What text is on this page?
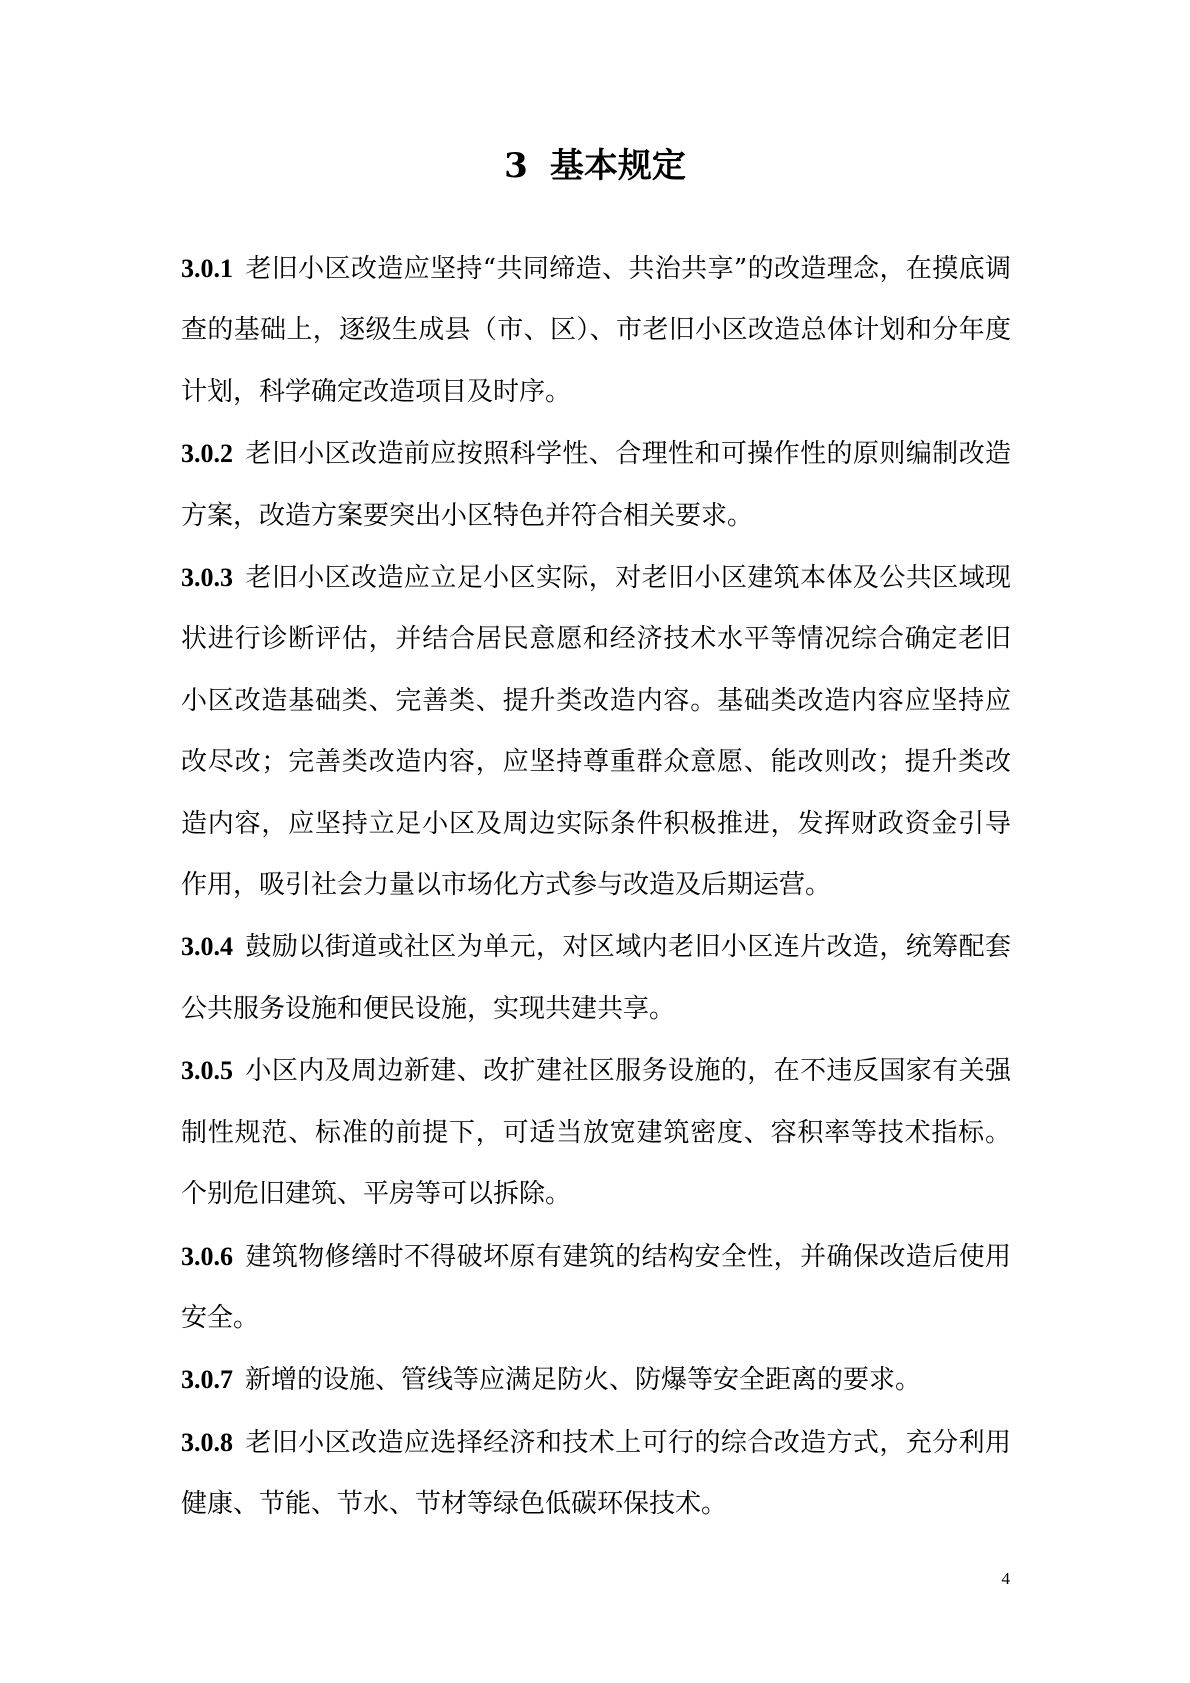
3 基本规定

3.0.1 老旧小区改造应坚持“共同缔造、共治共享”的改造理念，在摸底调查的基础上，逐级生成县（市、区）、市老旧小区改造总体计划和分年度计划，科学确定改造项目及时序。

3.0.2 老旧小区改造前应按照科学性、合理性和可操作性的原则编制改造方案，改造方案要突出小区特色并符合相关要求。

3.0.3 老旧小区改造应立足小区实际，对老旧小区建筑本体及公共区域现状进行诊断评估，并结合居民意愿和经济技术水平等情况综合确定老旧小区改造基础类、完善类、提升类改造内容。基础类改造内容应坚持应改尽改；完善类改造内容，应坚持尊重群众意愿、能改则改；提升类改造内容，应坚持立足小区及周边实际条件积极推进，发挥财政资金引导作用，吸引社会力量以市场化方式参与改造及后期运营。

3.0.4 鼓励以街道或社区为单元，对区域内老旧小区连片改造，统筹配套公共服务设施和便民设施，实现共建共享。

3.0.5 小区内及周边新建、改扩建社区服务设施的，在不违反国家有关强制性规范、标准的前提下，可适当放宽建筑密度、容积率等技术指标。个别危旧建筑、平房等可以拆除。

3.0.6 建筑物修缮时不得破坏原有建筑的结构安全性，并确保改造后使用安全。

3.0.7 新增的设施、管线等应满足防火、防爆等安全距离的要求。

3.0.8 老旧小区改造应选择经济和技术上可行的综合改造方式，充分利用健康、节能、节水、节材等绿色低碳环保技术。

4
